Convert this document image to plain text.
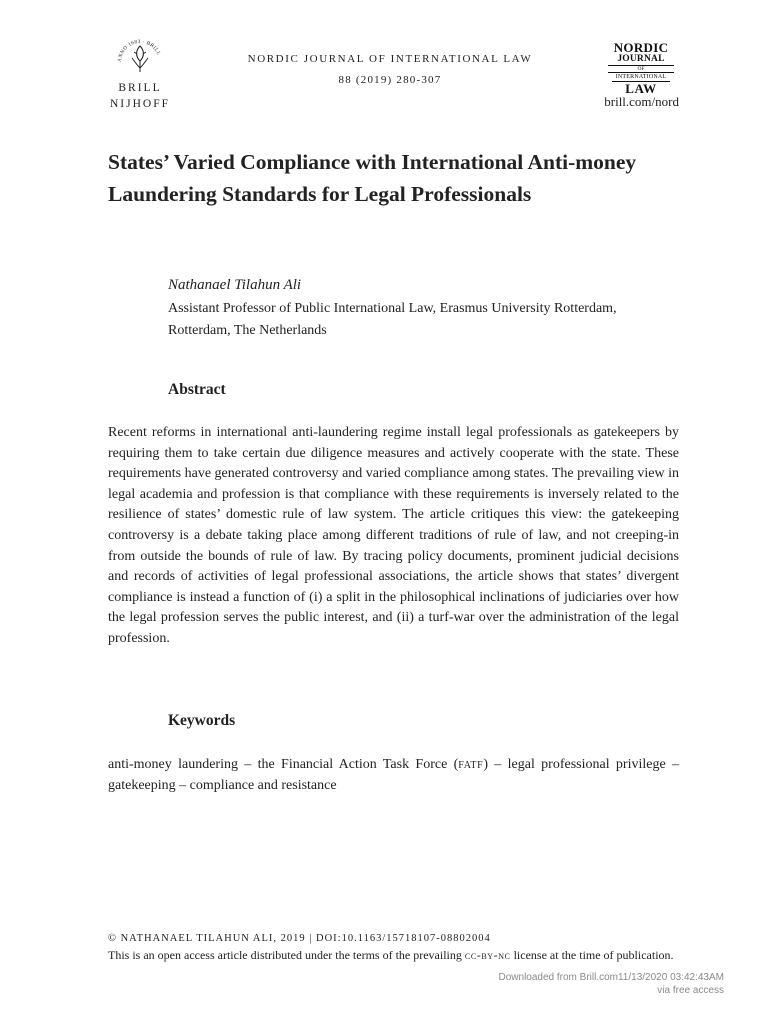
ANNO 1683 · BRILL
BRILL
NIJHOFF
NORDIC JOURNAL OF INTERNATIONAL LAW
88 (2019) 280-307
NORDIC
JOURNAL
OF
INTERNATIONAL
LAW
brill.com/nord
States’ Varied Compliance with International Anti-money Laundering Standards for Legal Professionals
Nathanael Tilahun Ali
Assistant Professor of Public International Law, Erasmus University Rotterdam, Rotterdam, The Netherlands
Abstract
Recent reforms in international anti-laundering regime install legal professionals as gatekeepers by requiring them to take certain due diligence measures and actively cooperate with the state. These requirements have generated controversy and varied compliance among states. The prevailing view in legal academia and profession is that compliance with these requirements is inversely related to the resilience of states’ domestic rule of law system. The article critiques this view: the gatekeeping controversy is a debate taking place among different traditions of rule of law, and not creeping-in from outside the bounds of rule of law. By tracing policy documents, prominent judicial decisions and records of activities of legal professional associations, the article shows that states’ divergent compliance is instead a function of (i) a split in the philosophical inclinations of judiciaries over how the legal profession serves the public interest, and (ii) a turf-war over the administration of the legal profession.
Keywords
anti-money laundering – the Financial Action Task Force (fatf) – legal professional privilege – gatekeeping – compliance and resistance
© NATHANAEL TILAHUN ALI, 2019 | DOI:10.1163/15718107-08802004
This is an open access article distributed under the terms of the prevailing cc-by-nc license at the time of publication.
Downloaded from Brill.com11/13/2020 03:42:43AM
via free access
